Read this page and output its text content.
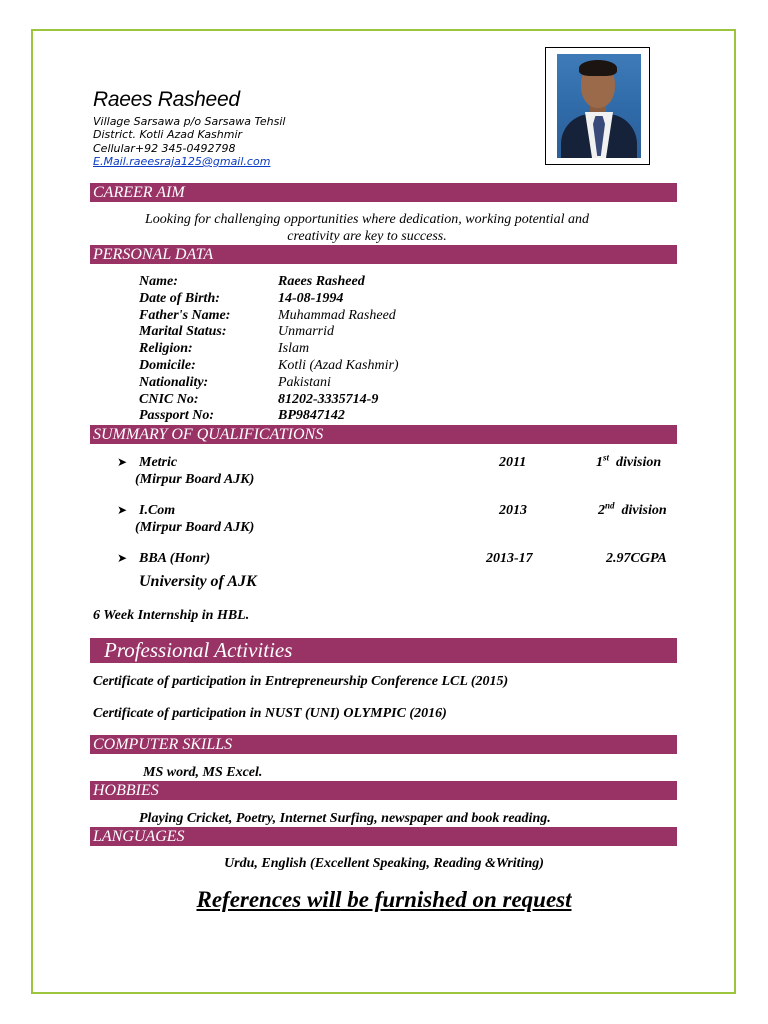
Raees Rasheed
Village Sarsawa p/o Sarsawa Tehsil
District. Kotli Azad Kashmir
Cellular+92 345-0492798
E.Mail.raeesraja125@gmail.com
CAREER AIM
Looking for challenging opportunities where dedication, working potential and
creativity are key to success.
PERSONAL DATA
Name:	Raees Rasheed
Date of Birth:	14-08-1994
Father's Name:	Muhammad Rasheed
Marital Status:	Unmarrid
Religion:	Islam
Domicile:	Kotli (Azad Kashmir)
Nationality:	Pakistani
CNIC No:	81202-3335714-9
Passport No:	BP9847142
SUMMARY OF QUALIFICATIONS
➤ Metric	2011	1st division
(Mirpur Board AJK)
➤ I.Com	2013	2nd division
(Mirpur Board AJK)
➤ BBA (Honr)	2013-17	2.97CGPA
University of AJK
6 Week Internship in HBL.
Professional Activities
Certificate of participation in Entrepreneurship Conference LCL (2015)
Certificate of participation in NUST (UNI) OLYMPIC (2016)
COMPUTER SKILLS
MS word, MS Excel.
HOBBIES
Playing Cricket, Poetry, Internet Surfing, newspaper and book reading.
LANGUAGES
Urdu, English (Excellent Speaking, Reading &Writing)
References will be furnished on request
